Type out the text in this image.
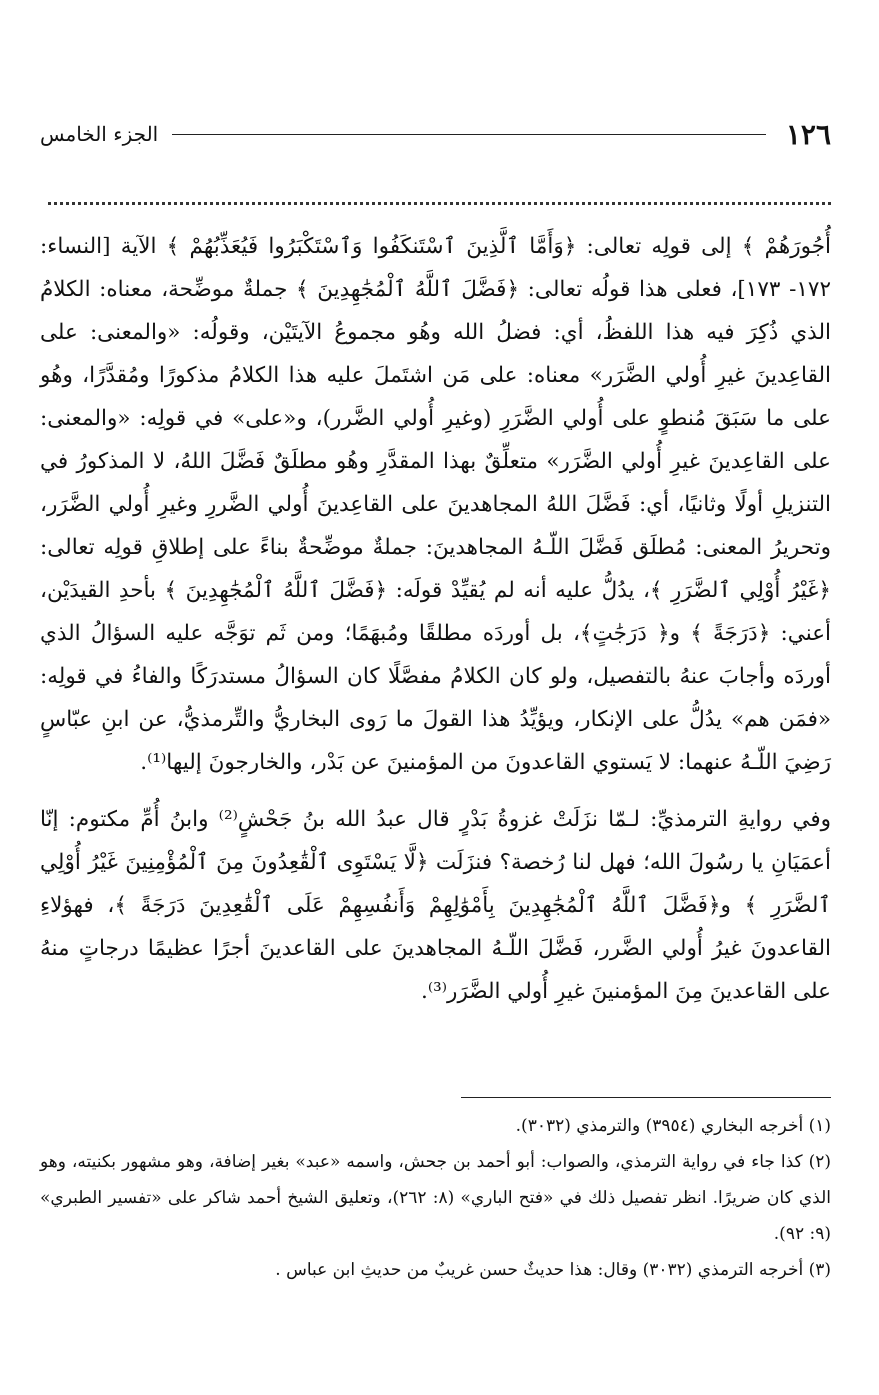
١٢٦
الجزء الخامس

أُجُورَهُمْ ﴾ إلى قولِه تعالى: ﴿وَأَمَّا ٱلَّذِينَ ٱسْتَنكَفُوا وَٱسْتَكْبَرُوا فَيُعَذِّبُهُمْ ﴾ الآية [النساء: ١٧٢- ١٧٣]، فعلى هذا قولُه تعالى: ﴿فَضَّلَ ٱللَّهُ ٱلْمُجَٰهِدِينَ ﴾ جملةٌ موضِّحة، معناه: الكلامُ الذي ذُكِرَ فيه هذا اللفظُ، أي: فضلُ الله وهُو مجموعُ الآيتَيْن، وقولُه: «والمعنى: على القاعِدينَ غيرِ أُولي الضَّرَر» معناه: على مَن اشتَملَ عليه هذا الكلامُ مذكورًا ومُقدَّرًا، وهُو على ما سَبَقَ مُنطوٍ على أُولي الضَّرَرِ (وغيرِ أُولي الضَّرر)، و«على» في قولِه: «والمعنى: على القاعِدينَ غيرِ أُولي الضَّرَر» متعلِّقٌ بهذا المقدَّرِ وهُو مطلَقٌ فَضَّلَ اللهُ، لا المذكورُ في التنزيلِ أولًا وثانيًا، أي: فَضَّلَ اللهُ المجاهدينَ على القاعِدينَ أُولي الضَّررِ وغيرِ أُولي الضَّرَر، وتحريرُ المعنى: مُطلَق فَضَّلَ اللّـهُ المجاهدينَ: جملةٌ موضِّحةٌ بناءً على إطلاقِ قولِه تعالى: ﴿غَيْرُ أُوْلِي ٱلضَّرَرِ ﴾، يدُلُّ عليه أنه لم يُقيِّدْ قولَه: ﴿فَضَّلَ ٱللَّهُ ٱلْمُجَٰهِدِينَ ﴾ بأحدِ القيدَيْن، أعني: ﴿دَرَجَةً ﴾ و﴿ دَرَجَٰتٍ﴾، بل أوردَه مطلقًا ومُبهَمًا؛ ومن ثَم توَجَّه عليه السؤالُ الذي أوردَه وأجابَ عنهُ بالتفصيل، ولو كان الكلامُ مفصَّلًا كان السؤالُ مستدرَكًا والفاءُ في قولِه: «فمَن هم» يدُلُّ على الإنكار، ويؤيِّدُ هذا القولَ ما رَوى البخاريُّ والتِّرمذيُّ، عن ابنِ عبّاسٍ رَضِيَ اللّـهُ عنهما: لا يَستوي القاعدونَ من المؤمنينَ عن بَدْر، والخارجونَ إليها⁽¹⁾.

وفي روايةِ الترمذيِّ: لـمّا نزَلَتْ غزوةُ بَدْرٍ قال عبدُ الله بنُ جَحْشٍ⁽²⁾ وابنُ أُمِّ مكتوم: إنّا أعمَيَانِ يا رسُولَ الله؛ فهل لنا رُخصة؟ فنزَلَت ﴿لَّا يَسْتَوِى ٱلْقَٰعِدُونَ مِنَ ٱلْمُؤْمِنِينَ غَيْرُ أُوْلِي ٱلضَّرَرِ ﴾ و﴿فَضَّلَ ٱللَّهُ ٱلْمُجَٰهِدِينَ بِأَمْوَٰلِهِمْ وَأَنفُسِهِمْ عَلَى ٱلْقَٰعِدِينَ دَرَجَةً ﴾، فهؤلاءِ القاعدونَ غيرُ أُولي الضَّرر، فَضَّلَ اللّـهُ المجاهدينَ على القاعدينَ أجرًا عظيمًا درجاتٍ منهُ على القاعدينَ مِنَ المؤمنينَ غيرِ أُولي الضَّرَر⁽³⁾.

(١) أخرجه البخاري (٣٩٥٤) والترمذي (٣٠٣٢).

(٢) كذا جاء في رواية الترمذي، والصواب: أبو أحمد بن جحش، واسمه «عبد» بغير إضافة، وهو مشهور بكنيته، وهو الذي كان ضريرًا. انظر تفصيل ذلك في «فتح الباري» (٨: ٢٦٢)، وتعليق الشيخ أحمد شاكر على «تفسير الطبري» (٩: ٩٢).

(٣) أخرجه الترمذي (٣٠٣٢) وقال: هذا حديثٌ حسن غريبٌ من حديثِ ابن عباس .
